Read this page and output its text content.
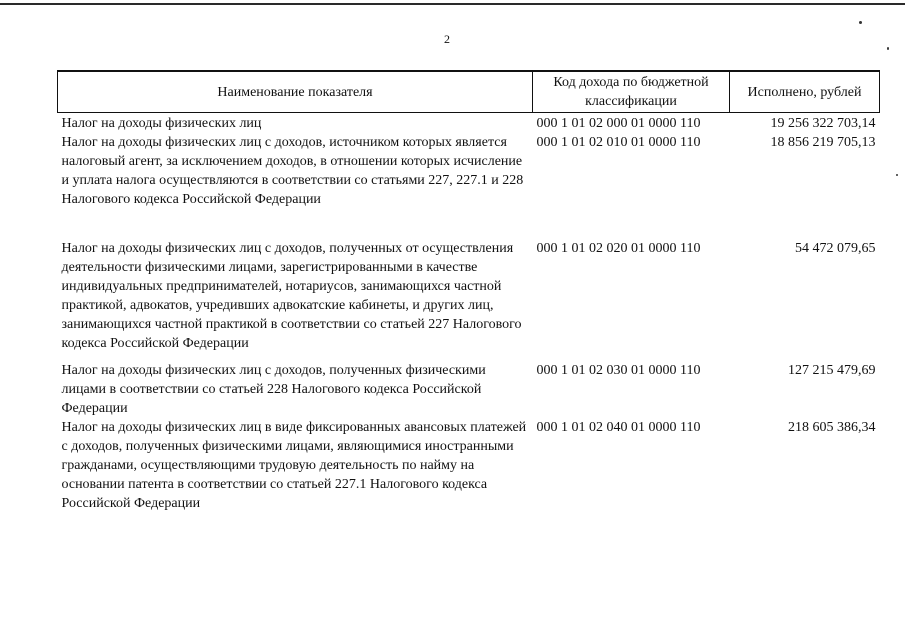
2
Наименование показателя	Код дохода по бюджетной классификации	Исполнено, рублей
Налог на доходы физических лиц	000 1 01 02 000 01 0000 110	19 256 322 703,14
Налог на доходы физических лиц с доходов, источником которых является налоговый агент, за исключением доходов, в отношении которых исчисление и уплата налога осуществляются в соответствии со статьями 227, 227.1 и 228 Налогового кодекса Российской Федерации	000 1 01 02 010 01 0000 110	18 856 219 705,13

Налог на доходы физических лиц с доходов, полученных от осуществления деятельности физическими лицами, зарегистрированными в качестве индивидуальных предпринимателей, нотариусов, занимающихся частной практикой, адвокатов, учредивших адвокатские кабинеты, и других лиц, занимающихся частной практикой в соответствии со статьей 227 Налогового кодекса Российской Федерации	000 1 01 02 020 01 0000 110	54 472 079,65

Налог на доходы физических лиц с доходов, полученных физическими лицами в соответствии со статьей 228 Налогового кодекса Российской Федерации	000 1 01 02 030 01 0000 110	127 215 479,69
Налог на доходы физических лиц в виде фиксированных авансовых платежей с доходов, полученных физическими лицами, являющимися иностранными гражданами, осуществляющими трудовую деятельность по найму на основании патента в соответствии со статьей 227.1 Налогового кодекса Российской Федерации	000 1 01 02 040 01 0000 110	218 605 386,34
